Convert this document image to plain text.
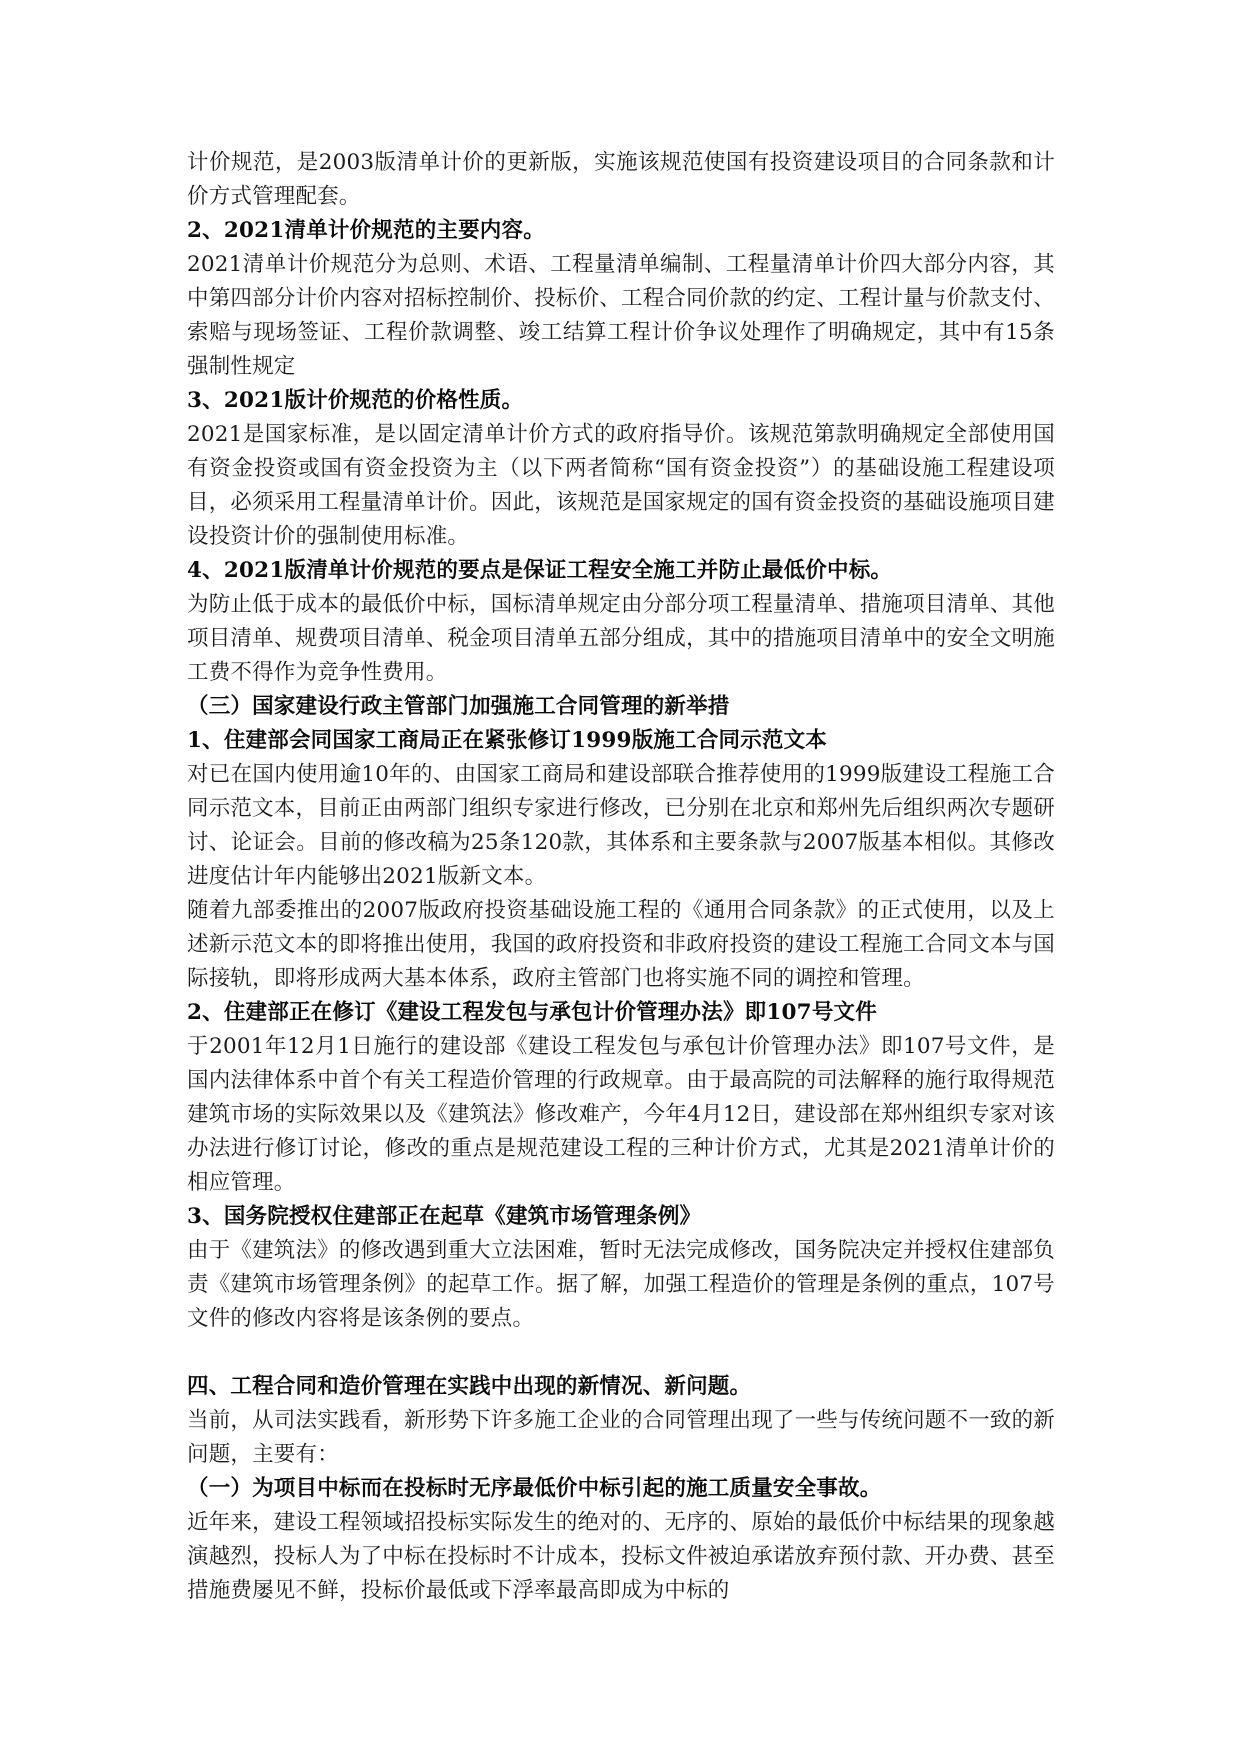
计价规范，是2003版清单计价的更新版，实施该规范使国有投资建设项目的合同条款和计价方式管理配套。

2、2021清单计价规范的主要内容。

2021清单计价规范分为总则、术语、工程量清单编制、工程量清单计价四大部分内容，其中第四部分计价内容对招标控制价、投标价、工程合同价款的约定、工程计量与价款支付、索赔与现场签证、工程价款调整、竣工结算工程计价争议处理作了明确规定，其中有15条强制性规定

3、2021版计价规范的价格性质。

2021是国家标准，是以固定清单计价方式的政府指导价。该规范第款明确规定全部使用国有资金投资或国有资金投资为主（以下两者简称“国有资金投资”）的基础设施工程建设项目，必须采用工程量清单计价。因此，该规范是国家规定的国有资金投资的基础设施项目建设投资计价的强制使用标准。

4、2021版清单计价规范的要点是保证工程安全施工并防止最低价中标。

为防止低于成本的最低价中标，国标清单规定由分部分项工程量清单、措施项目清单、其他项目清单、规费项目清单、税金项目清单五部分组成，其中的措施项目清单中的安全文明施工费不得作为竞争性费用。

（三）国家建设行政主管部门加强施工合同管理的新举措

1、住建部会同国家工商局正在紧张修订1999版施工合同示范文本

对已在国内使用逾10年的、由国家工商局和建设部联合推荐使用的1999版建设工程施工合同示范文本，目前正由两部门组织专家进行修改，已分别在北京和郑州先后组织两次专题研讨、论证会。目前的修改稿为25条120款，其体系和主要条款与2007版基本相似。其修改进度估计年内能够出2021版新文本。

随着九部委推出的2007版政府投资基础设施工程的《通用合同条款》的正式使用，以及上述新示范文本的即将推出使用，我国的政府投资和非政府投资的建设工程施工合同文本与国际接轨，即将形成两大基本体系，政府主管部门也将实施不同的调控和管理。

2、住建部正在修订《建设工程发包与承包计价管理办法》即107号文件

于2001年12月1日施行的建设部《建设工程发包与承包计价管理办法》即107号文件，是国内法律体系中首个有关工程造价管理的行政规章。由于最高院的司法解释的施行取得规范建筑市场的实际效果以及《建筑法》修改难产，今年4月12日，建设部在郑州组织专家对该办法进行修订讨论，修改的重点是规范建设工程的三种计价方式，尤其是2021清单计价的相应管理。

3、国务院授权住建部正在起草《建筑市场管理条例》

由于《建筑法》的修改遇到重大立法困难，暂时无法完成修改，国务院决定并授权住建部负责《建筑市场管理条例》的起草工作。据了解，加强工程造价的管理是条例的重点，107号文件的修改内容将是该条例的要点。

四、工程合同和造价管理在实践中出现的新情况、新问题。

当前，从司法实践看，新形势下许多施工企业的合同管理出现了一些与传统问题不一致的新问题，主要有：

（一）为项目中标而在投标时无序最低价中标引起的施工质量安全事故。

近年来，建设工程领域招投标实际发生的绝对的、无序的、原始的最低价中标结果的现象越演越烈，投标人为了中标在投标时不计成本，投标文件被迫承诺放弃预付款、开办费、甚至措施费屡见不鲜，投标价最低或下浮率最高即成为中标的
